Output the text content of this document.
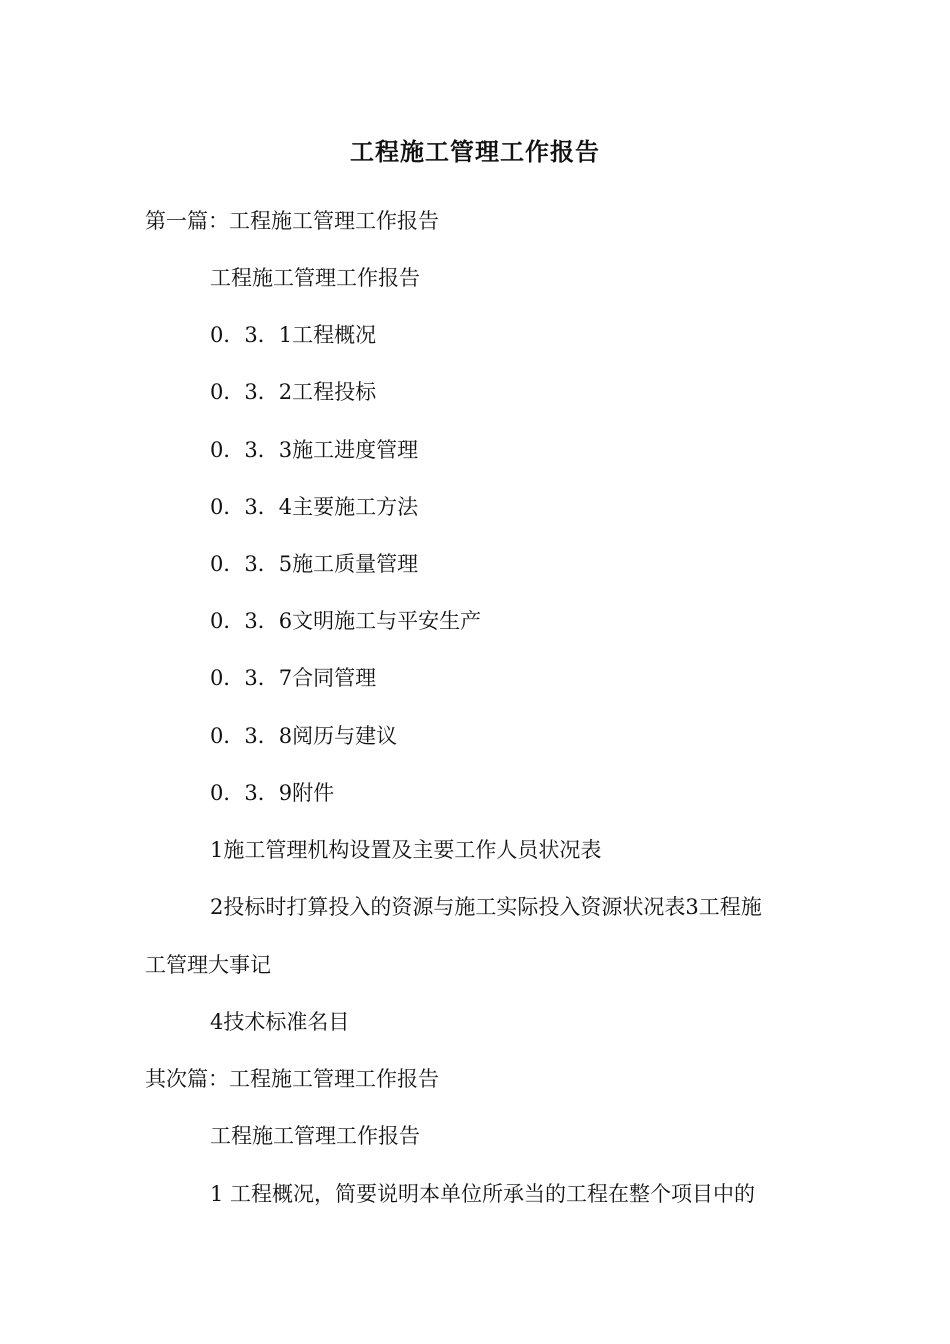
工程施工管理工作报告

第一篇：工程施工管理工作报告

工程施工管理工作报告

0．3．1工程概况

0．3．2工程投标

0．3．3施工进度管理

0．3．4主要施工方法

0．3．5施工质量管理

0．3．6文明施工与平安生产

0．3．7合同管理

0．3．8阅历与建议

0．3．9附件

1施工管理机构设置及主要工作人员状况表

2投标时打算投入的资源与施工实际投入资源状况表3工程施

工管理大事记

4技术标准名目

其次篇：工程施工管理工作报告

工程施工管理工作报告

1 工程概况，简要说明本单位所承当的工程在整个项目中的
